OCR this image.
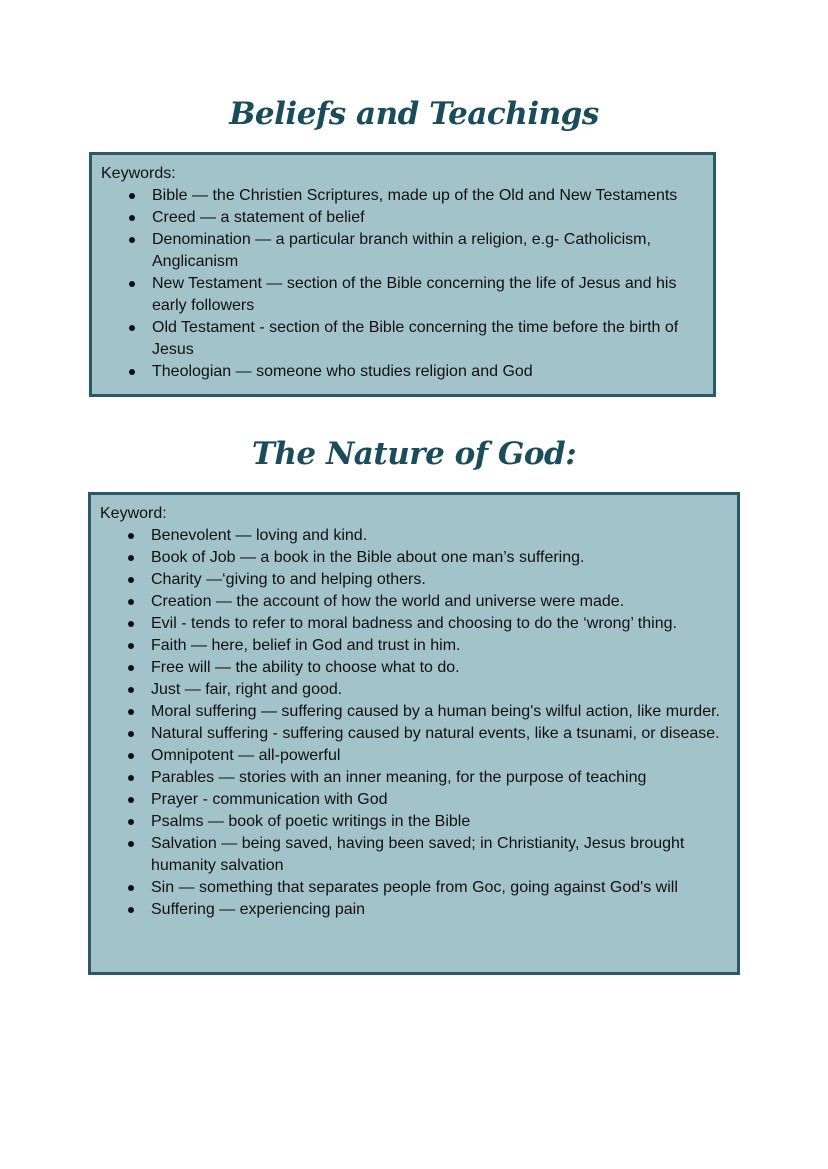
Beliefs and Teachings

Keywords:

Bible — the Christien Scriptures, made up of the Old and New Testaments
Creed — a statement of belief
Denomination — a particular branch within a religion, e.g- Catholicism, Anglicanism
New Testament — section of the Bible concerning the life of Jesus and his early followers
Old Testament - section of the Bible concerning the time before the birth of Jesus
Theologian — someone who studies religion and God
The Nature of God:

Keyword:

Benevolent — loving and kind.
Book of Job — a book in the Bible about one man’s suffering.
Charity —‘giving to and helping others.
Creation — the account of how the world and universe were made.
Evil - tends to refer to moral badness and choosing to do the ‘wrong’ thing.
Faith — here, belief in God and trust in him.
Free will — the ability to choose what to do.
Just — fair, right and good.
Moral suffering — suffering caused by a human being's wilful action, like murder.
Natural suffering - suffering caused by natural events, like a tsunami, or disease.
Omnipotent — all-powerful
Parables — stories with an inner meaning, for the purpose of teaching
Prayer - communication with God
Psalms — book of poetic writings in the Bible
Salvation — being saved, having been saved; in Christianity, Jesus brought humanity salvation
Sin — something that separates people from Goc, going against God's will
Suffering — experiencing pain
